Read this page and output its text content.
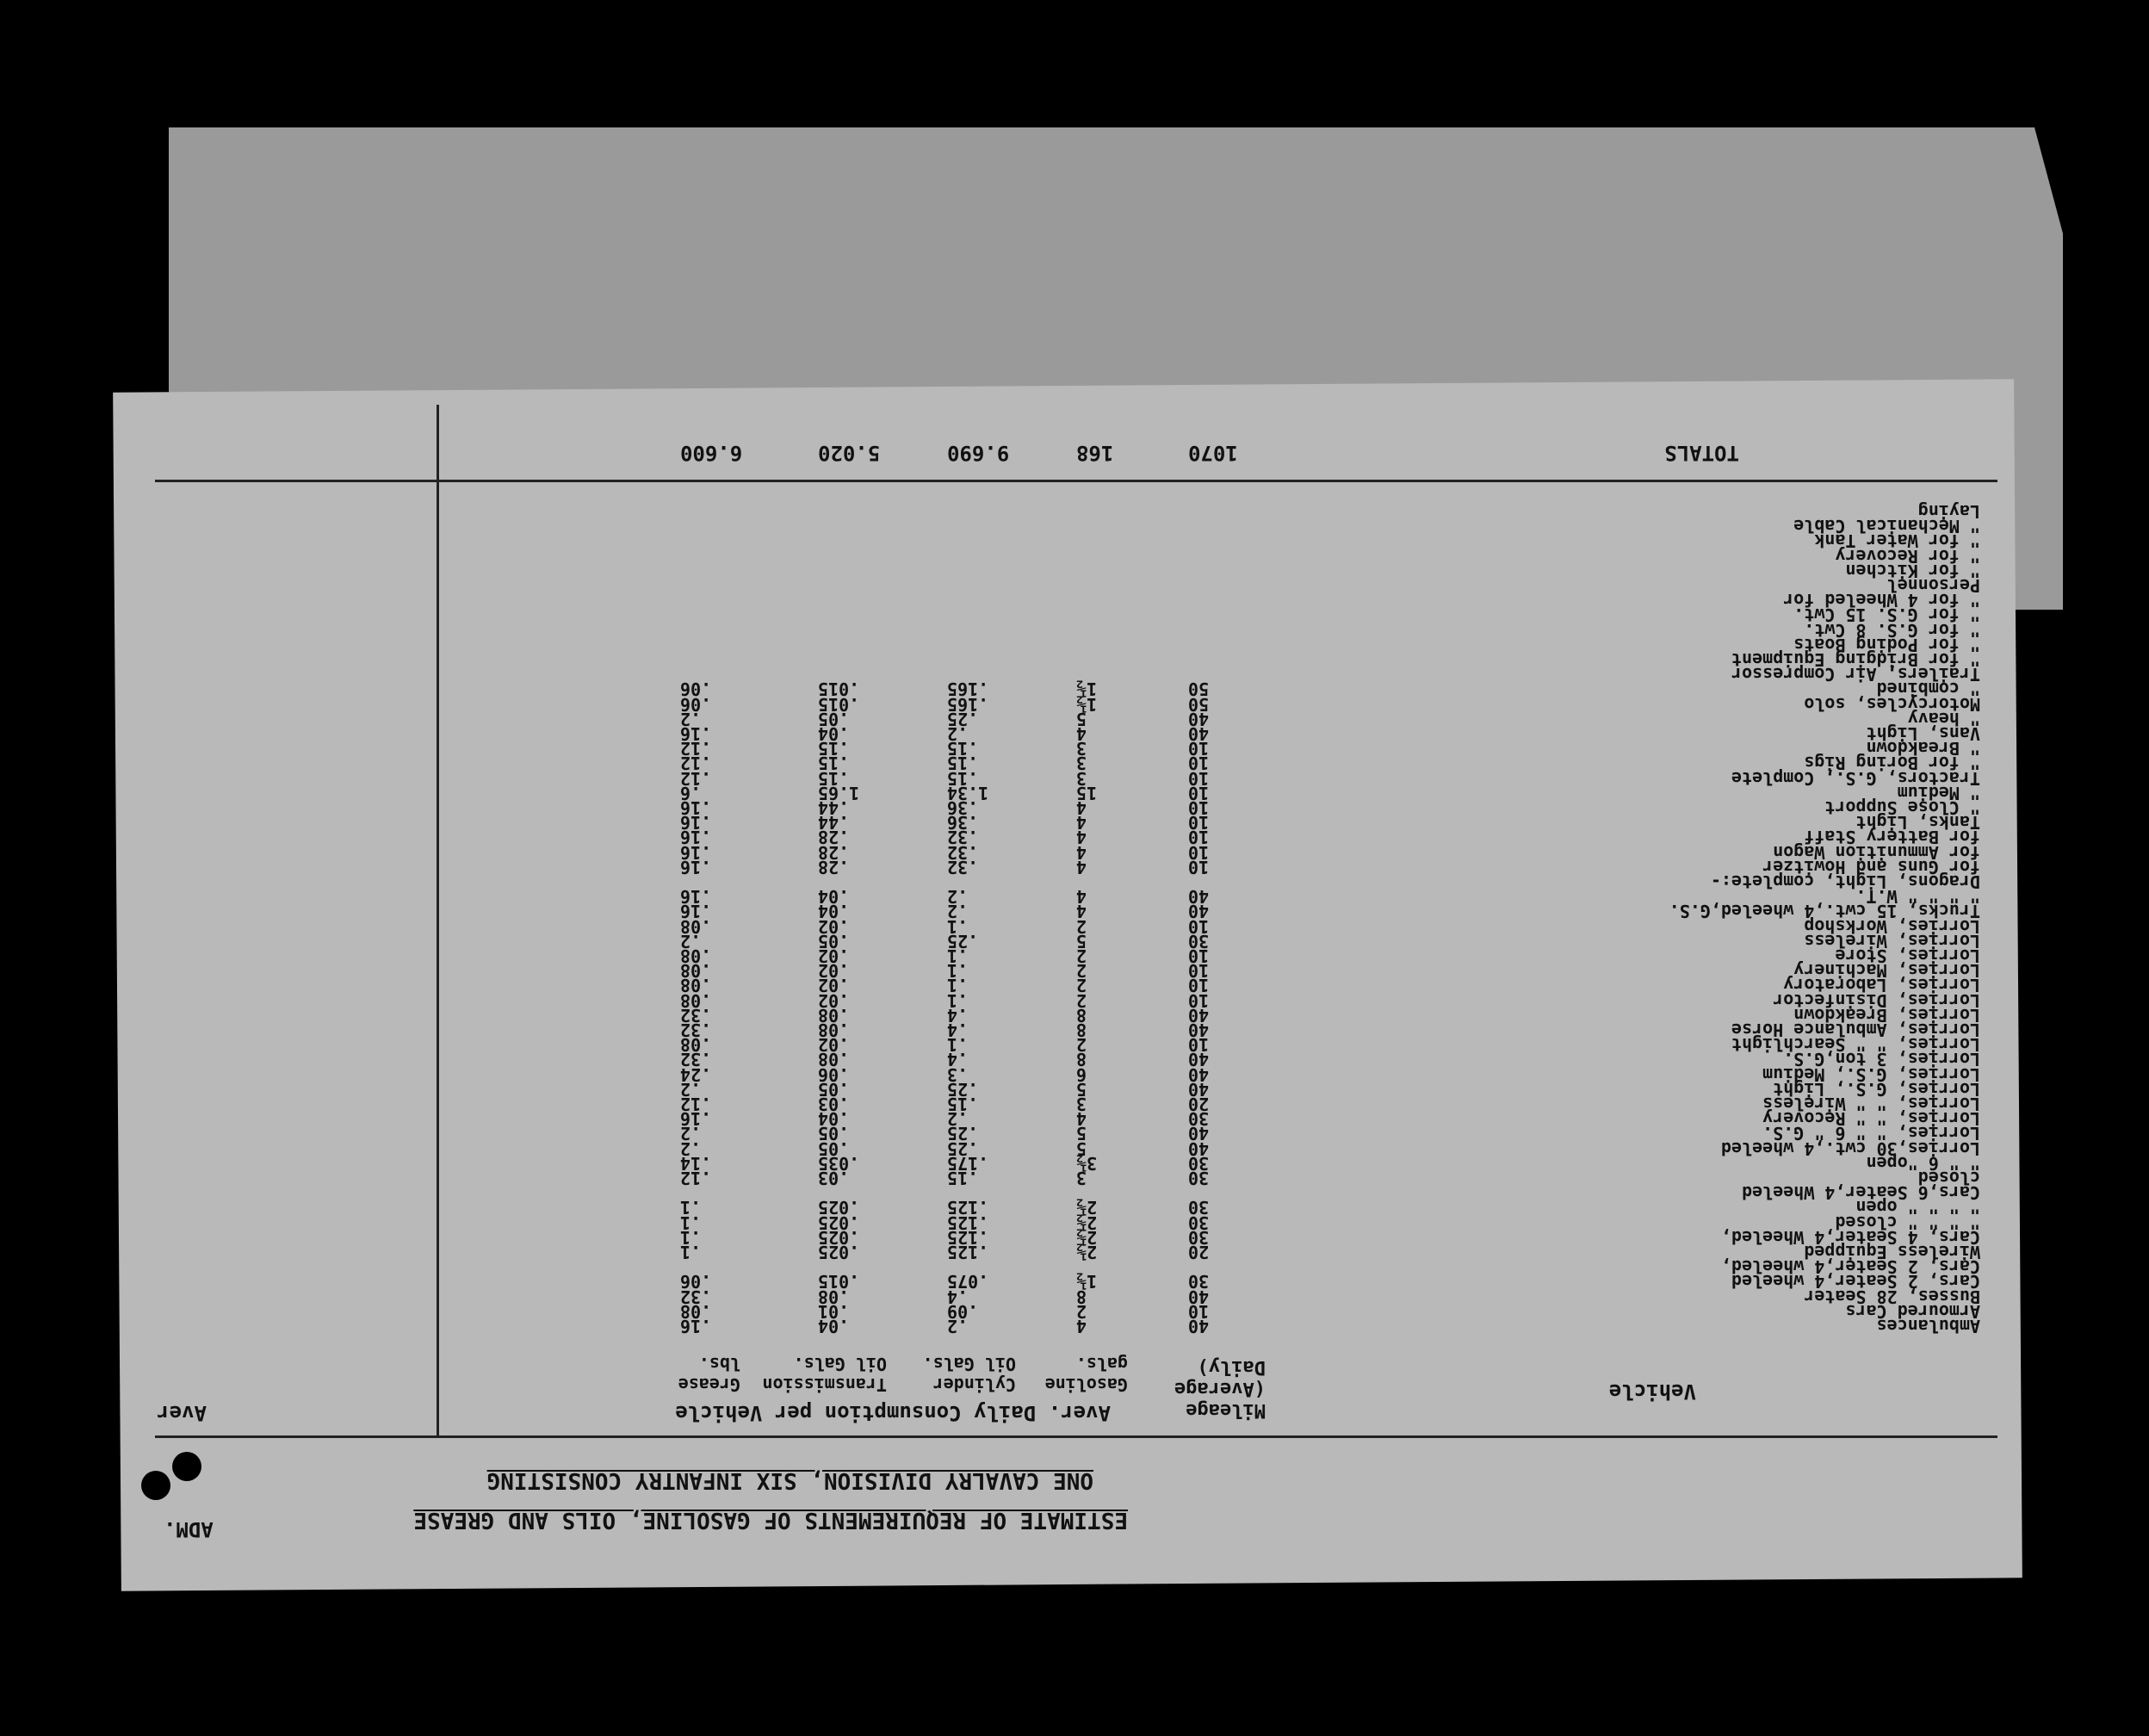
ADM.	ESTIMATE OF REQUIREMENTS OF GASOLINE, OILS AND GREASE
ONE CAVALRY DIVISION, SIX INFANTRY CONSISTING
Vehicle
Mileage (Average Daily)
Aver. Daily Consumption per Vehicle
Aver
Gasoline gals.
Cylinder Oil Gals.
Transmission Oil Gals.
Grease lbs.
Ambulances
40
4
.2
.04
.16
Armoured Cars
10
2
.09
.01
.08
Busses, 28 Seater
40
8
.4
.08
.32
Cars, 2 Seater,4 wheeled
30
1½
.075
.015
.06
Cars, 2 Seater,4 wheeled,
Wireless Equipped
20
2½
.125
.025
.1
Cars, 4 Seater,4 Wheeled,
30
2½
.125
.025
.1
" " " " closed
30
2½
.125
.025
.1
" " " " open
30
2½
.125
.025
.1
Cars,6 Seater,4 Wheeled
closed
30
3
.15
.03
.12
" " 6 "open
30
3½
.175
.035
.14
Lorries,30 cwt.,4 wheeled
40
5
.25
.05
.2
Lorries, " " 6 " G.S.
40
5
.25
.05
.2
Lorries, " " Recovery
30
4
.2
.04
.16
Lorries, " " Wireless
20
3
.15
.03
.12
Lorries, G.S., Light
40
5
.25
.05
.2
Lorries, G.S., Medium
40
6
.3
.06
.24
Lorries, 3 ton,G.S.
40
8
.4
.08
.32
Lorries, " " Searchlight
10
2
.1
.02
.08
Lorries, Ambulance Horse
40
8
.4
.08
.32
Lorries, Breakdown
40
8
.4
.08
.32
Lorries, Disinfector
10
2
.1
.02
.08
Lorries, Laboratory
10
2
.1
.02
.08
Lorries, Machinery
10
2
.1
.02
.08
Lorries, Store
10
2
.1
.02
.08
Lorries, Wireless
30
5
.25
.05
.2
Lorries, Workshop
10
2
.1
.02
.08
Trucks, 15 cwt.,4 wheeled,G.S.
40
4
.2
.04
.16
" " " " W.T.
40
4
.2
.04
.16
Dragons, Light, complete:-
for Guns and Howitzer
10
4
.32
.28
.16
for Ammunition Wagon
10
4
.32
.28
.16
for Battery Staff
10
4
.32
.28
.16
Tanks, Light
10
4
.36
.44
.16
" Close Support
10
4
.36
.44
.16
" Medium
10
15
1.34
1.65
.6
Tractors, G.S., Complete
10
3
.15
.15
.12
" for Boring Rigs
10
3
.15
.15
.12
" Breakdown
10
3
.15
.15
.12
Vans, Light
40
4
.2
.04
.16
" heavy
40
5
.25
.05
.2
Motorcycles, solo
50
1½
.165
.015
.06
" combined
50
1½
.165
.015
.06
Trailers, Air Compressor
" for Bridging Equipment
" for Poding Boats
" for G.S. 8 Cwt.
" for G.S. 15 Cwt.
" for 4 Wheeled for
Personnel
" for Kitchen
" for Recovery
" for Water Tank
" Mechanical Cable
Laying
TOTALS
1070
168
9.690
5.020
6.600
